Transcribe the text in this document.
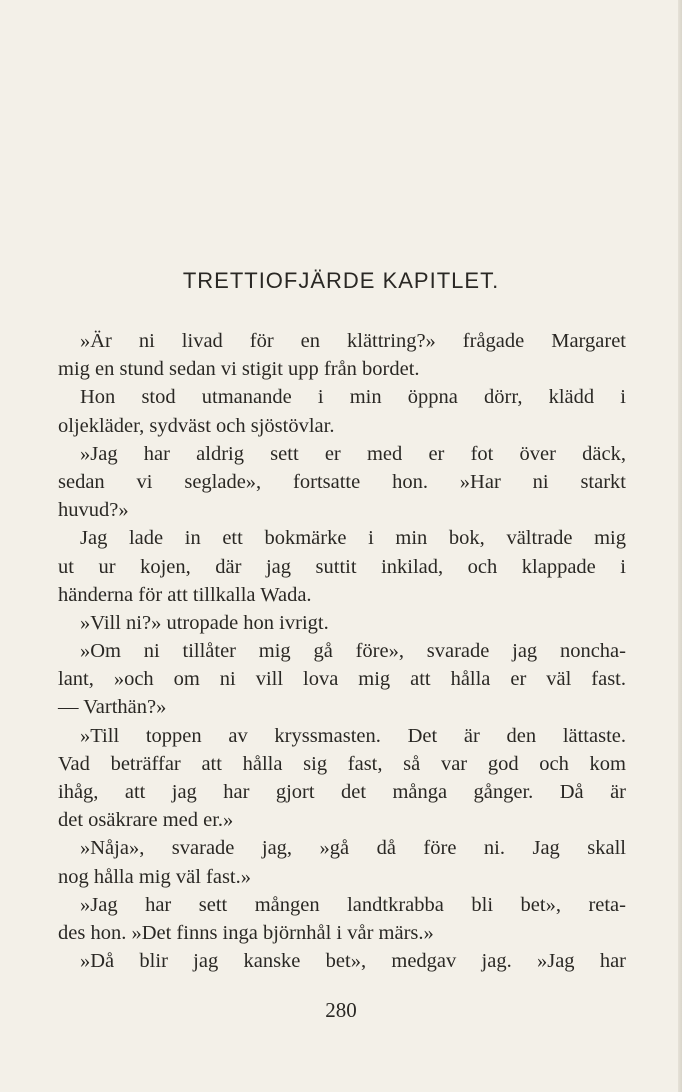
TRETTIOFJÄRDE KAPITLET.
»Är ni livad för en klättring?» frågade Margaret
mig en stund sedan vi stigit upp från bordet.
Hon stod utmanande i min öppna dörr, klädd i
oljekläder, sydväst och sjöstövlar.
»Jag har aldrig sett er med er fot över däck,
sedan vi seglade», fortsatte hon. »Har ni starkt
huvud?»
Jag lade in ett bokmärke i min bok, vältrade mig
ut ur kojen, där jag suttit inkilad, och klappade i
händerna för att tillkalla Wada.
»Vill ni?» utropade hon ivrigt.
»Om ni tillåter mig gå före», svarade jag noncha-
lant, »och om ni vill lova mig att hålla er väl fast.
— Varthän?»
»Till toppen av kryssmasten. Det är den lättaste.
Vad beträffar att hålla sig fast, så var god och kom
ihåg, att jag har gjort det många gånger. Då är
det osäkrare med er.»
»Nåja», svarade jag, »gå då före ni. Jag skall
nog hålla mig väl fast.»
»Jag har sett mången landtkrabba bli bet», reta-
des hon. »Det finns inga björnhål i vår märs.»
»Då blir jag kanske bet», medgav jag. »Jag har
280
